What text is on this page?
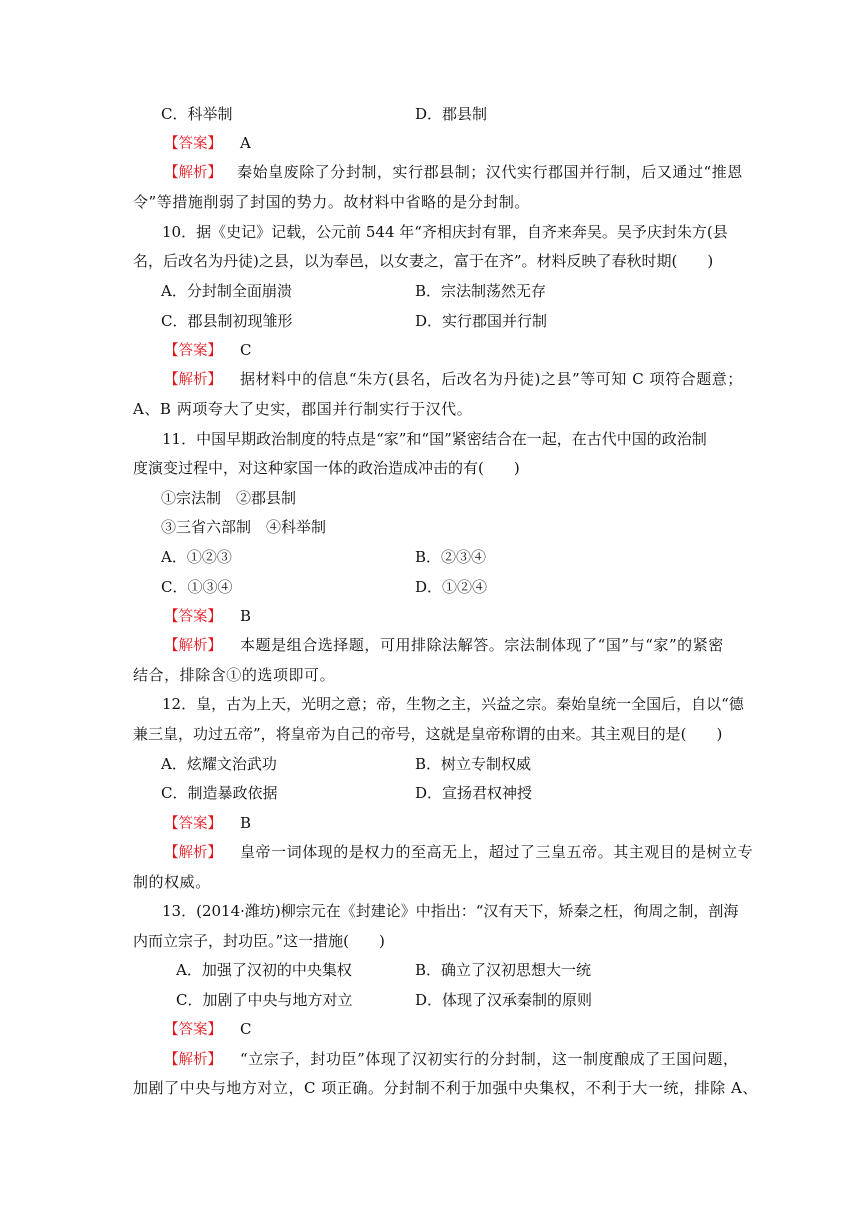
C．科举制	D．郡县制
【答案】 A
【解析】 秦始皇废除了分封制，实行郡县制；汉代实行郡国并行制，后又通过“推恩
令”等措施削弱了封国的势力。故材料中省略的是分封制。
10．据《史记》记载，公元前 544 年“齐相庆封有罪，自齐来奔吴。吴予庆封朱方(县
名，后改名为丹徒)之县，以为奉邑，以女妻之，富于在齐”。材料反映了春秋时期(　　)
A．分封制全面崩溃	B．宗法制荡然无存
C．郡县制初现雏形	D．实行郡国并行制
【答案】 C
【解析】 据材料中的信息“朱方(县名，后改名为丹徒)之县”等可知 C 项符合题意；
A、B 两项夸大了史实，郡国并行制实行于汉代。
11．中国早期政治制度的特点是“家”和“国”紧密结合在一起，在古代中国的政治制
度演变过程中，对这种家国一体的政治造成冲击的有(　　)
①宗法制　②郡县制
③三省六部制　④科举制
A．①②③	B．②③④
C．①③④	D．①②④
【答案】 B
【解析】 本题是组合选择题，可用排除法解答。宗法制体现了“国”与“家”的紧密
结合，排除含①的选项即可。
12．皇，古为上天，光明之意；帝，生物之主，兴益之宗。秦始皇统一全国后，自以“德
兼三皇，功过五帝”，将皇帝为自己的帝号，这就是皇帝称谓的由来。其主观目的是(　　)
A．炫耀文治武功	B．树立专制权威
C．制造暴政依据	D．宣扬君权神授
【答案】 B
【解析】 皇帝一词体现的是权力的至高无上，超过了三皇五帝。其主观目的是树立专
制的权威。
13．(2014·潍坊)柳宗元在《封建论》中指出：“汉有天下，矫秦之枉，徇周之制，剖海
内而立宗子，封功臣。”这一措施(　　)
A．加强了汉初的中央集权	B．确立了汉初思想大一统
C．加剧了中央与地方对立	D．体现了汉承秦制的原则
【答案】 C
【解析】 “立宗子，封功臣”体现了汉初实行的分封制，这一制度酿成了王国问题，
加剧了中央与地方对立，C 项正确。分封制不利于加强中央集权，不利于大一统，排除 A、
